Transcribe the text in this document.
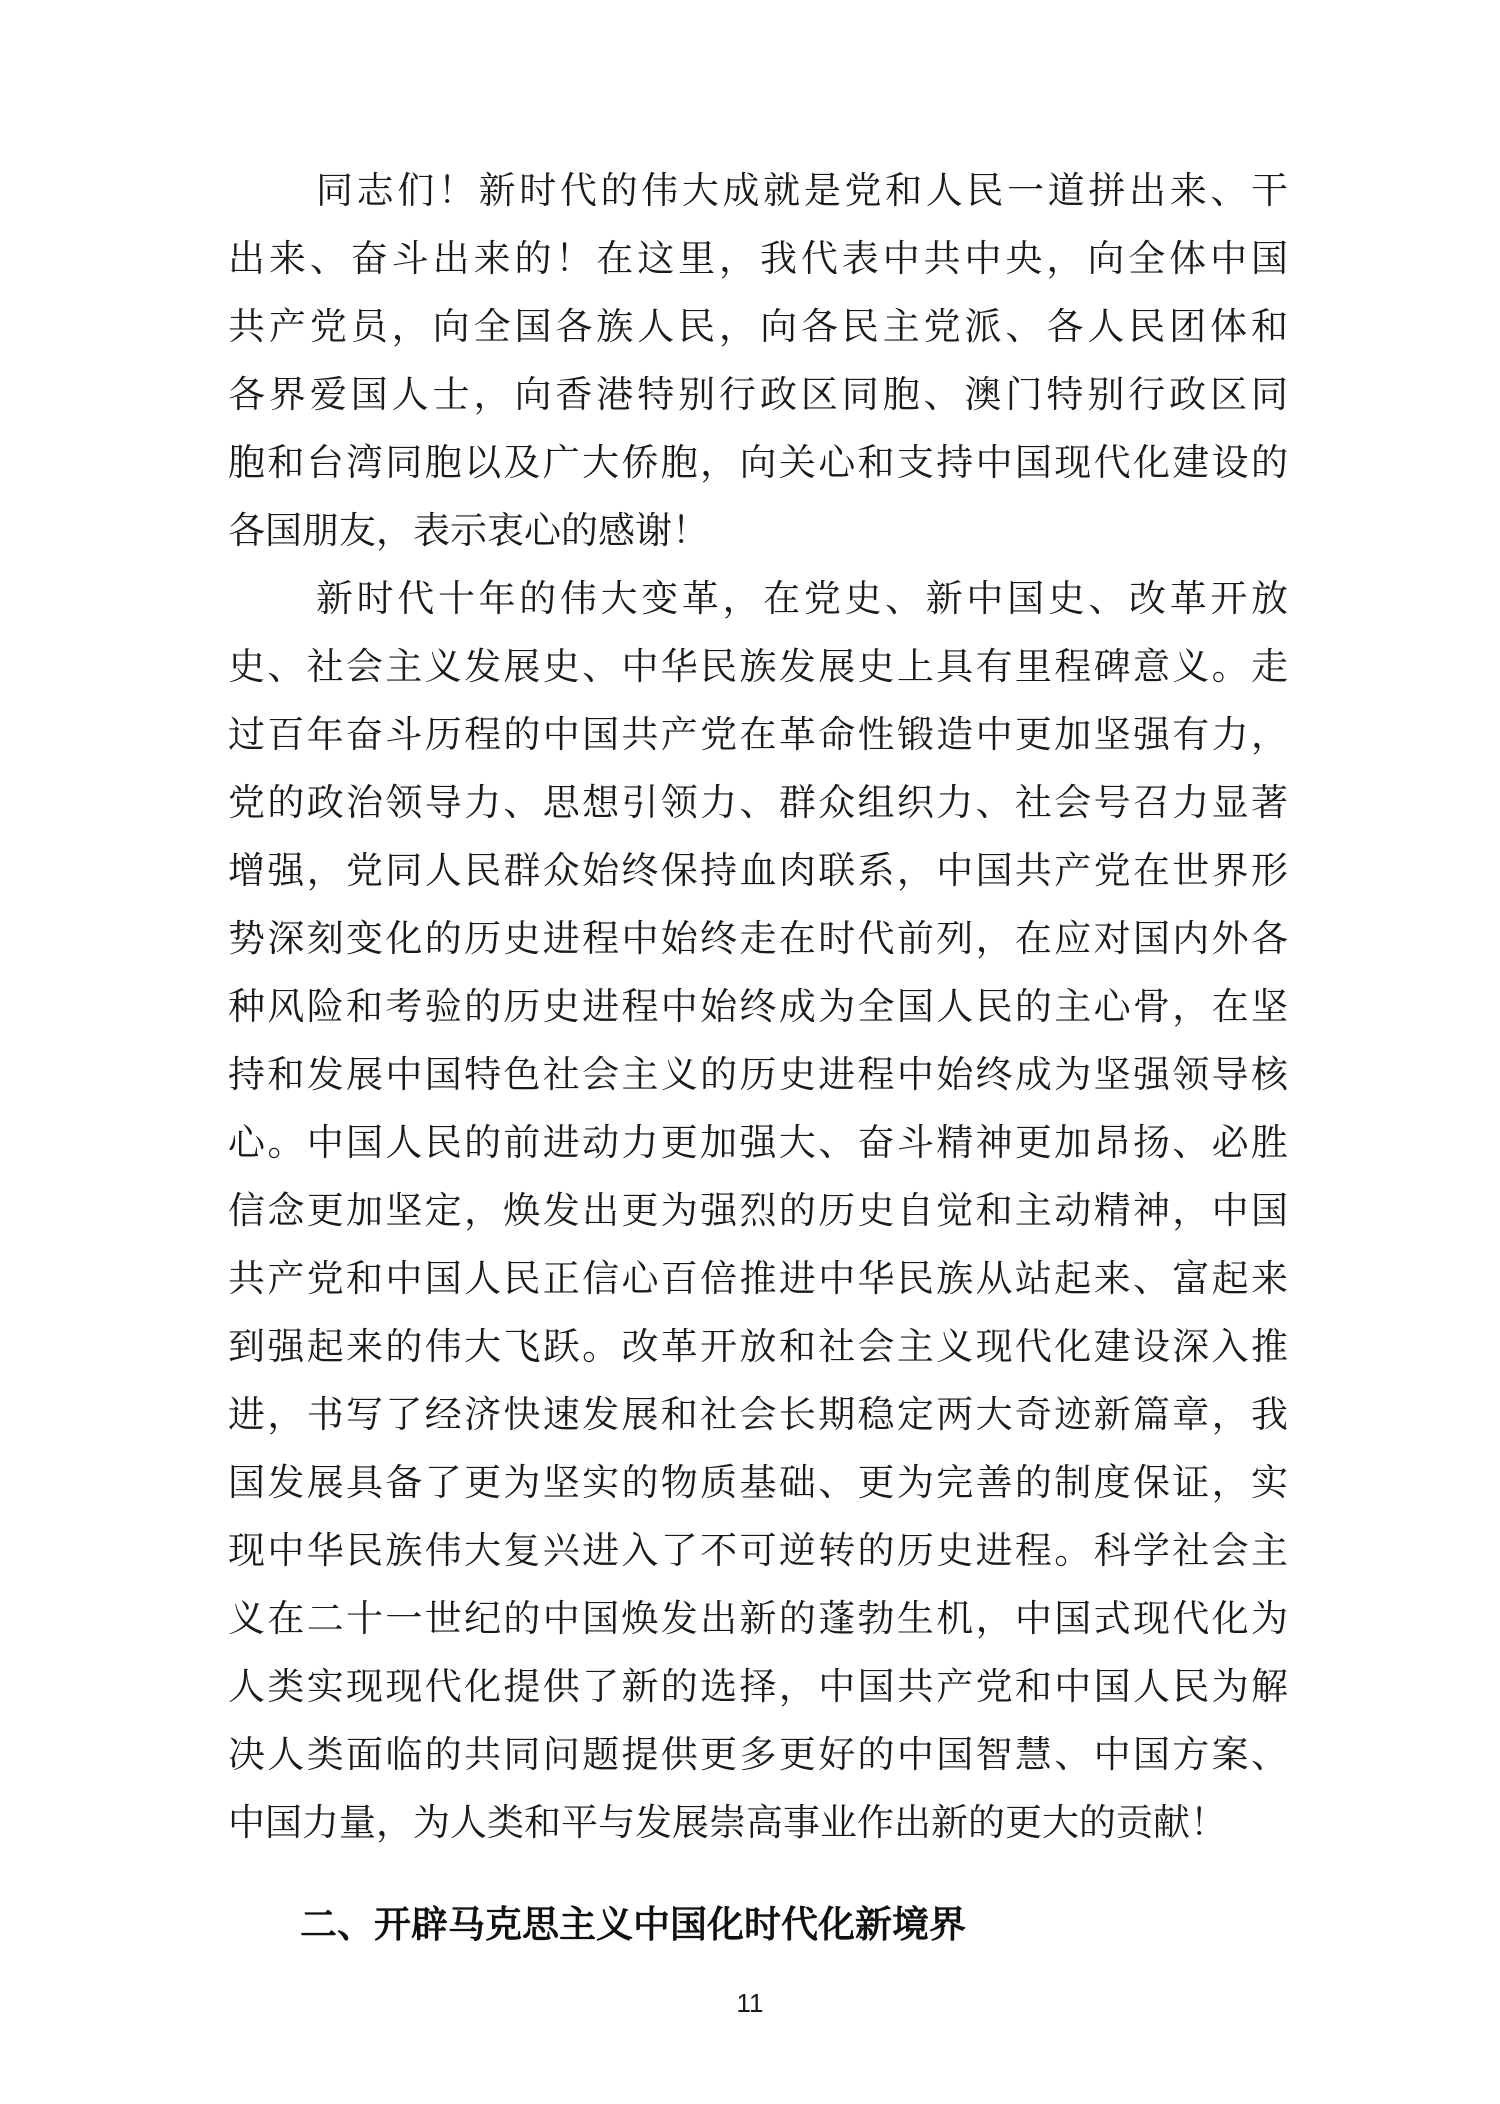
同志们！新时代的伟大成就是党和人民一道拼出来、干
出来、奋斗出来的！在这里，我代表中共中央，向全体中国
共产党员，向全国各族人民，向各民主党派、各人民团体和
各界爱国人士，向香港特别行政区同胞、澳门特别行政区同
胞和台湾同胞以及广大侨胞，向关心和支持中国现代化建设的
各国朋友，表示衷心的感谢！
新时代十年的伟大变革，在党史、新中国史、改革开放
史、社会主义发展史、中华民族发展史上具有里程碑意义。走
过百年奋斗历程的中国共产党在革命性锻造中更加坚强有力，
党的政治领导力、思想引领力、群众组织力、社会号召力显著
增强，党同人民群众始终保持血肉联系，中国共产党在世界形
势深刻变化的历史进程中始终走在时代前列，在应对国内外各
种风险和考验的历史进程中始终成为全国人民的主心骨，在坚
持和发展中国特色社会主义的历史进程中始终成为坚强领导核
心。中国人民的前进动力更加强大、奋斗精神更加昂扬、必胜
信念更加坚定，焕发出更为强烈的历史自觉和主动精神，中国
共产党和中国人民正信心百倍推进中华民族从站起来、富起来
到强起来的伟大飞跃。改革开放和社会主义现代化建设深入推
进，书写了经济快速发展和社会长期稳定两大奇迹新篇章，我
国发展具备了更为坚实的物质基础、更为完善的制度保证，实
现中华民族伟大复兴进入了不可逆转的历史进程。科学社会主
义在二十一世纪的中国焕发出新的蓬勃生机，中国式现代化为
人类实现现代化提供了新的选择，中国共产党和中国人民为解
决人类面临的共同问题提供更多更好的中国智慧、中国方案、
中国力量，为人类和平与发展崇高事业作出新的更大的贡献！
二、开辟马克思主义中国化时代化新境界
11
